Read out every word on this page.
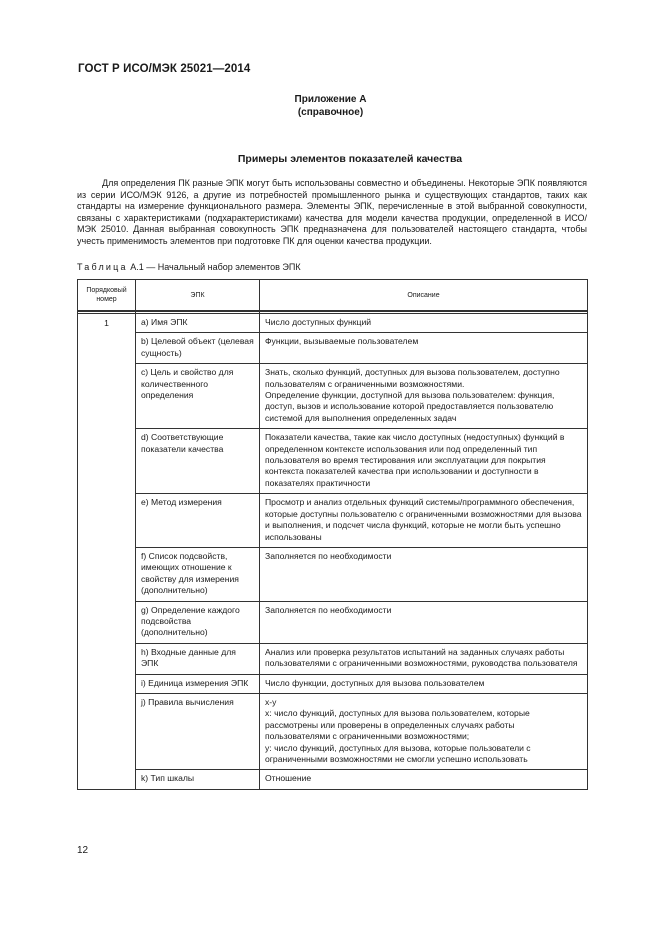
ГОСТ Р ИСО/МЭК 25021—2014
Приложение А
(справочное)
Примеры элементов показателей качества

Для определения ПК разные ЭПК могут быть использованы совместно и объединены. Некоторые ЭПК появляются из серии ИСО/МЭК 9126, а другие из потребностей промышленного рынка и существующих стандартов, таких как стандарты на измерение функционального размера. Элементы ЭПК, перечисленные в этой выбранной совокупности, связаны с характеристиками (подхарактеристиками) качества для модели качества продукции, определенной в ИСО/МЭК 25010. Данная выбранная совокупность ЭПК предназначена для пользователей настоящего стандарта, чтобы учесть применимость элементов при подготовке ПК для оценки качества продукции.

Таблица А.1 — Начальный набор элементов ЭПК
Порядковый номер	ЭПК	Описание

1	a) Имя ЭПК	Число доступных функций
	b) Целевой объект (целевая сущность)	Функции, вызываемые пользователем
	c) Цель и свойство для количественного определения	Знать, сколько функций, доступных для вызова пользователем, доступно пользователям с ограниченными возможностями.
Определение функции, доступной для вызова пользователем: функция, доступ, вызов и использование которой предоставляется пользователю системой для выполнения определенных задач

	d) Соответствующие показатели качества	Показатели качества, такие как число доступных (недоступных) функций в определенном контексте использования или под определенный тип пользователя во время тестирования или эксплуатации для покрытия контекста показателей качества при использовании и доступности в показателях практичности
	e) Метод измерения	Просмотр и анализ отдельных функций системы/программного обеспечения, которые доступны пользователю с ограниченными возможностями для вызова и выполнения, и подсчет числа функций, которые не могли быть успешно использованы
	f) Список подсвойств, имеющих отношение к свойству для измерения (дополнительно)	Заполняется по необходимости
	g) Определение каждого подсвойства (дополнительно)	Заполняется по необходимости
	h) Входные данные для ЭПК	Анализ или проверка результатов испытаний на заданных случаях работы пользователями с ограниченными возможностями, руководства пользователя
	i) Единица измерения ЭПК	Число функции, доступных для вызова пользователем
	j) Правила вычисления	x-y
x: число функций, доступных для вызова пользователем, которые рассмотрены или проверены в определенных случаях работы пользователями с ограниченными возможностями;
у: число функций, доступных для вызова, которые пользователи с ограниченными возможностями не смогли успешно использовать

	k) Тип шкалы	Отношение
12
